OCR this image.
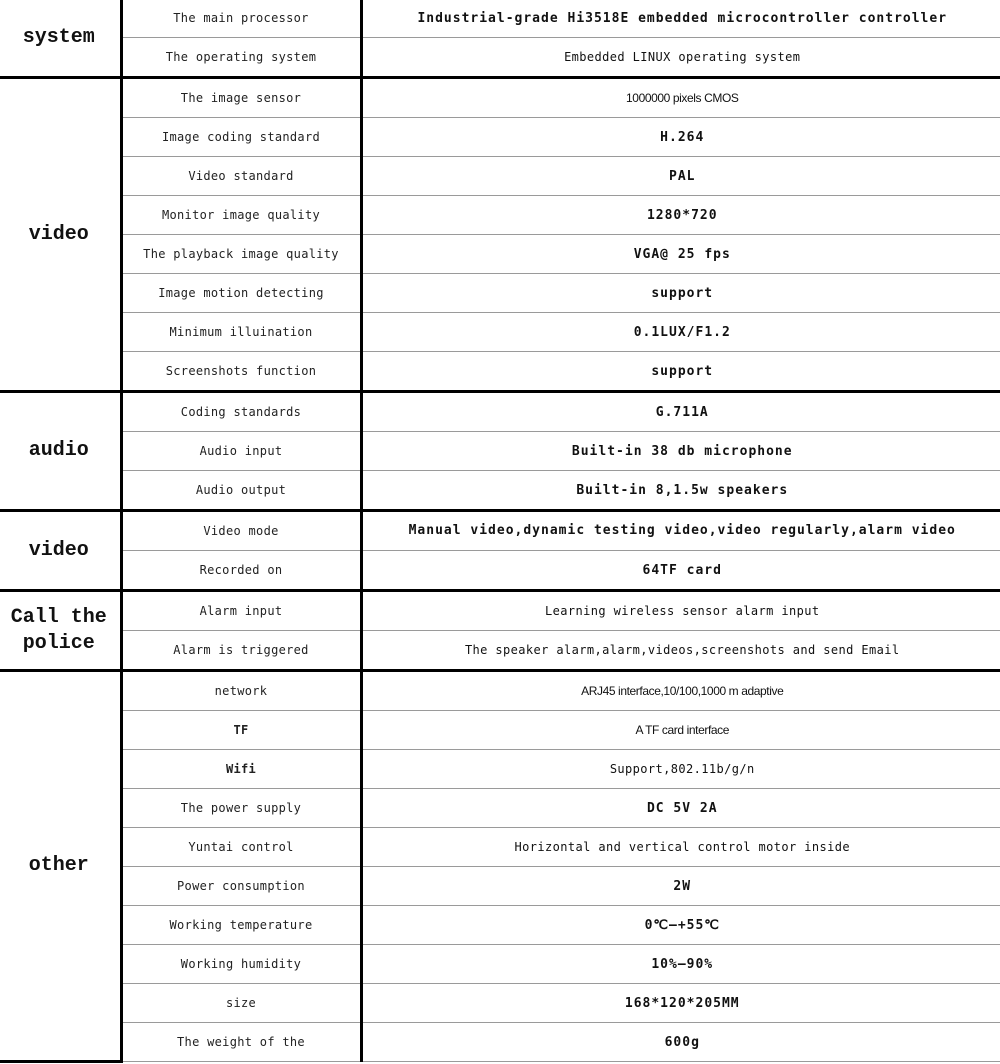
system	The main processor	Industrial-grade Hi3518E embedded microcontroller controller
	The operating system	Embedded LINUX operating system
video	The image sensor	1000000 pixels CMOS
	Image coding standard	H.264
	Video standard	PAL
	Monitor image quality	1280*720
	The playback image quality	VGA@ 25 fps
	Image motion detecting	support
	Minimum illuination	0.1LUX/F1.2
	Screenshots function	support
audio	Coding standards	G.711A
	Audio input	Built-in 38 db microphone
	Audio output	Built-in 8,1.5w speakers
video	Video mode	Manual video,dynamic testing video,video regularly,alarm video
	Recorded on	64TF card
Call the police	Alarm input	Learning wireless sensor alarm input
	Alarm is triggered	The speaker alarm,alarm,videos,screenshots and send Email
other	network	ARJ45 interface,10/100,1000 m adaptive
	TF	A TF card interface
	Wifi	Support,802.11b/g/n
	The power supply	DC 5V 2A
	Yuntai control	Horizontal and vertical control motor inside
	Power consumption	2W
	Working temperature	0℃—+55℃
	Working humidity	10%—90%
	size	168*120*205MM
	The weight of the	600g
